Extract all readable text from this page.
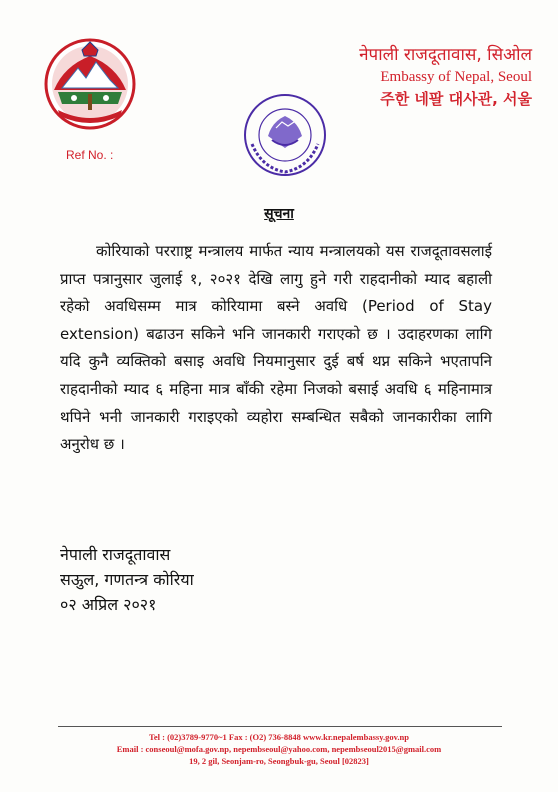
नेपाली राजदूतावास, सिओल
Embassy of Nepal, Seoul
주한 네팔 대사관, 서울
Ref No. :
सूचना

कोरियाको पररााष्ट्र मन्त्रालय मार्फत न्याय मन्त्रालयको यस राजदूतावसलाई प्राप्त पत्रानुसार जुलाई १, २०२१ देखि लागु हुने गरी राहदानीको म्याद बहाली रहेको अवधिसम्म मात्र कोरियामा बस्ने अवधि (Period of Stay extension) बढाउन सकिने भनि जानकारी गराएको छ । उदाहरणका लागि यदि कुनै व्यक्तिको बसाइ अवधि नियमानुसार दुई बर्ष थप्न सकिने भएतापनि राहदानीको म्याद ६ महिना मात्र बाँकी रहेमा निजको बसाई अवधि ६ महिनामात्र थपिने भनी जानकारी गराइएको व्यहोरा सम्बन्धित सबैको जानकारीका लागि अनुरोध छ ।

नेपाली राजदूतावास
सऊुल, गणतन्त्र कोरिया
०२ अप्रिल २०२१
Tel : (02)3789-9770~1 Fax : (O2) 736-8848 www.kr.nepalembassy.gov.np
Email : conseoul@mofa.gov.np, nepembseoul@yahoo.com, nepembseoul2015@gmail.com
19, 2 gil, Seonjam-ro, Seongbuk-gu, Seoul [02823]
